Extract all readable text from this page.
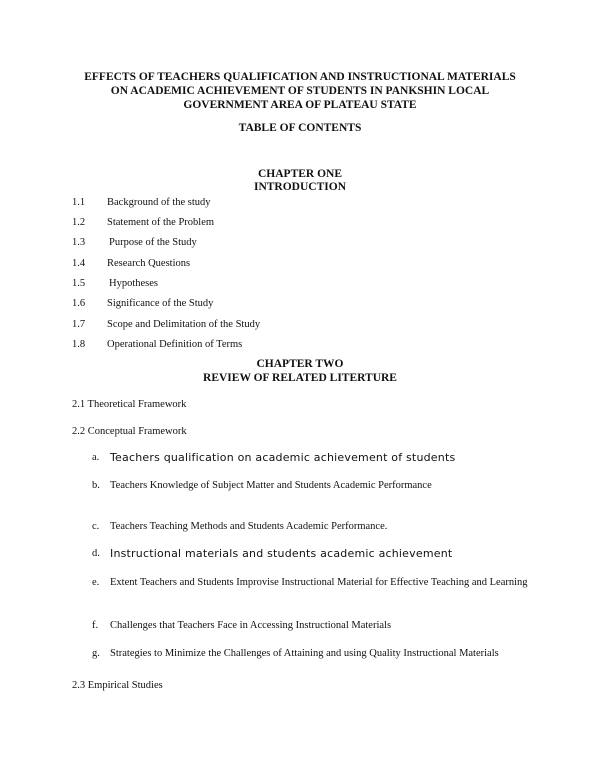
EFFECTS OF TEACHERS QUALIFICATION AND INSTRUCTIONAL MATERIALS
ON ACADEMIC ACHIEVEMENT OF STUDENTS IN PANKSHIN LOCAL
GOVERNMENT AREA OF PLATEAU STATE
TABLE OF CONTENTS
CHAPTER ONE
INTRODUCTION
1.1 Background of the study
1.2 Statement of the Problem
1.3 Purpose of the Study
1.4 Research Questions
1.5 Hypotheses
1.6 Significance of the Study
1.7 Scope and Delimitation of the Study
1.8 Operational Definition of Terms
CHAPTER TWO
REVIEW OF RELATED LITERTURE
2.1 Theoretical Framework
2.2 Conceptual Framework
a. Teachers qualification on academic achievement of students
b. Teachers Knowledge of Subject Matter and Students Academic Performance
c. Teachers Teaching Methods and Students Academic Performance.
d. Instructional materials and students academic achievement
e. Extent Teachers and Students Improvise Instructional Material for Effective Teaching and Learning
f. Challenges that Teachers Face in Accessing Instructional Materials
g. Strategies to Minimize the Challenges of Attaining and using Quality Instructional Materials
2.3 Empirical Studies
